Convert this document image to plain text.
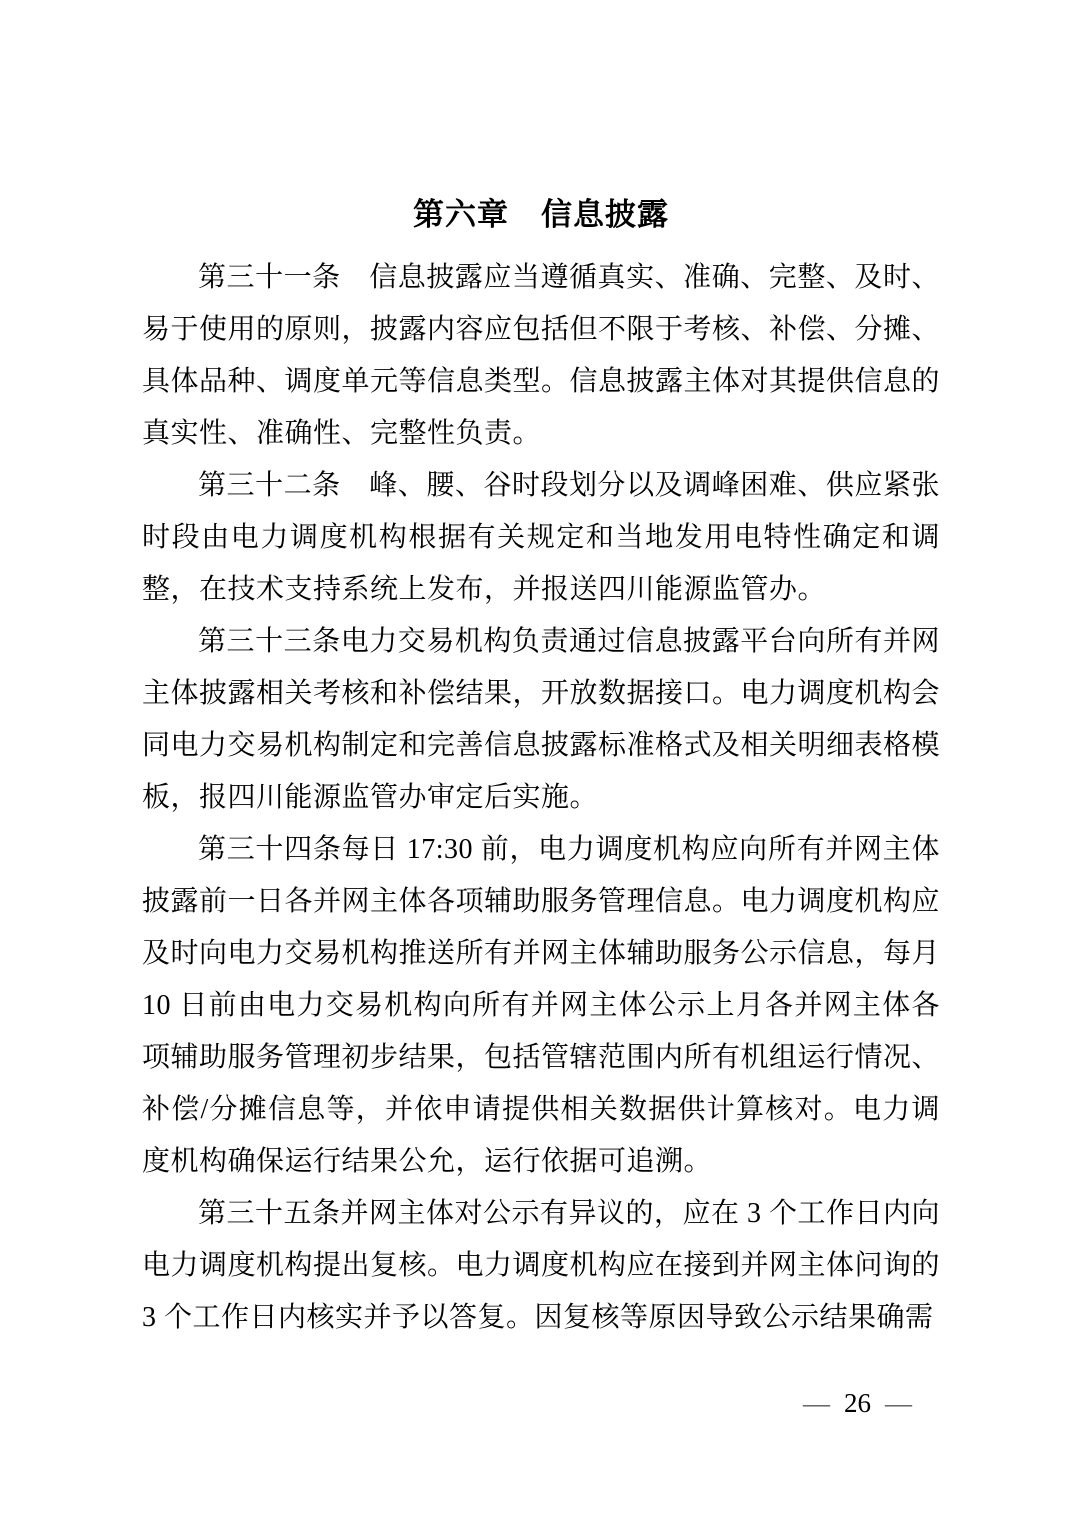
第六章　信息披露

第三十一条　信息披露应当遵循真实、准确、完整、及时、易于使用的原则，披露内容应包括但不限于考核、补偿、分摊、具体品种、调度单元等信息类型。信息披露主体对其提供信息的真实性、准确性、完整性负责。

第三十二条　峰、腰、谷时段划分以及调峰困难、供应紧张时段由电力调度机构根据有关规定和当地发用电特性确定和调整，在技术支持系统上发布，并报送四川能源监管办。

第三十三条电力交易机构负责通过信息披露平台向所有并网主体披露相关考核和补偿结果，开放数据接口。电力调度机构会同电力交易机构制定和完善信息披露标准格式及相关明细表格模板，报四川能源监管办审定后实施。

第三十四条每日 17:30 前，电力调度机构应向所有并网主体披露前一日各并网主体各项辅助服务管理信息。电力调度机构应及时向电力交易机构推送所有并网主体辅助服务公示信息，每月 10 日前由电力交易机构向所有并网主体公示上月各并网主体各项辅助服务管理初步结果，包括管辖范围内所有机组运行情况、补偿/分摊信息等，并依申请提供相关数据供计算核对。电力调度机构确保运行结果公允，运行依据可追溯。

第三十五条并网主体对公示有异议的，应在 3 个工作日内向电力调度机构提出复核。电力调度机构应在接到并网主体问询的 3 个工作日内核实并予以答复。因复核等原因导致公示结果确需

— 26 —
